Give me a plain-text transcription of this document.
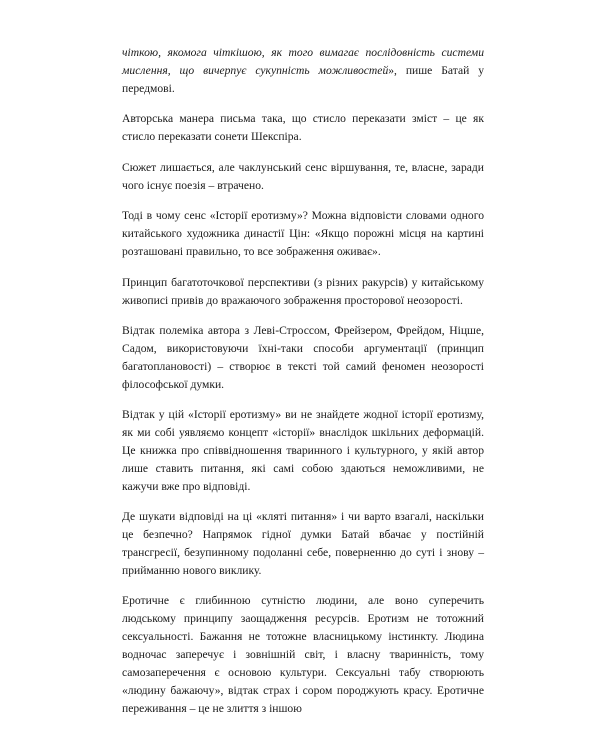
чіткою, якомога чіткішою, як того вимагає послідовність системи мислення, що вичерпує сукупність можливостей», пише Батай у передмові.

Авторська манера письма така, що стисло переказати зміст – це як стисло переказати сонети Шекспіра.

Сюжет лишається, але чаклунський сенс віршування, те, власне, заради чого існує поезія – втрачено.

Тоді в чому сенс «Історії еротизму»? Можна відповісти словами одного китайського художника династії Цін: «Якщо порожні місця на картині розташовані правильно, то все зображення оживає».

Принцип багатоточкової перспективи (з різних ракурсів) у китайському живописі привів до вражаючого зображення просторової неозорості.

Відтак полеміка автора з Леві-Строссом, Фрейзером, Фрейдом, Ніцше, Садом, використовуючи їхні-таки способи аргументації (принцип багатоплановості) – створює в тексті той самий феномен неозорості філософської думки.

Відтак у цій «Історії еротизму» ви не знайдете жодної історії еротизму, як ми собі уявляємо концепт «історії» внаслідок шкільних деформацій. Це книжка про співвідношення тваринного і культурного, у якій автор лише ставить питання, які самі собою здаються неможливими, не кажучи вже про відповіді.

Де шукати відповіді на ці «кляті питання» і чи варто взагалі, наскільки це безпечно? Напрямок гідної думки Батай вбачає у постійній трансгресії, безупинному подоланні себе, поверненню до суті і знову – прийманню нового виклику.

Еротичне є глибинною сутністю людини, але воно суперечить людському принципу заощадження ресурсів. Еротизм не тотожний сексуальності. Бажання не тотожне власницькому інстинкту. Людина водночас заперечує і зовнішній світ, і власну тваринність, тому самозаперечення є основою культури. Сексуальні табу створюють «людину бажаючу», відтак страх і сором породжують красу. Еротичне переживання – це не злиття з іншою
